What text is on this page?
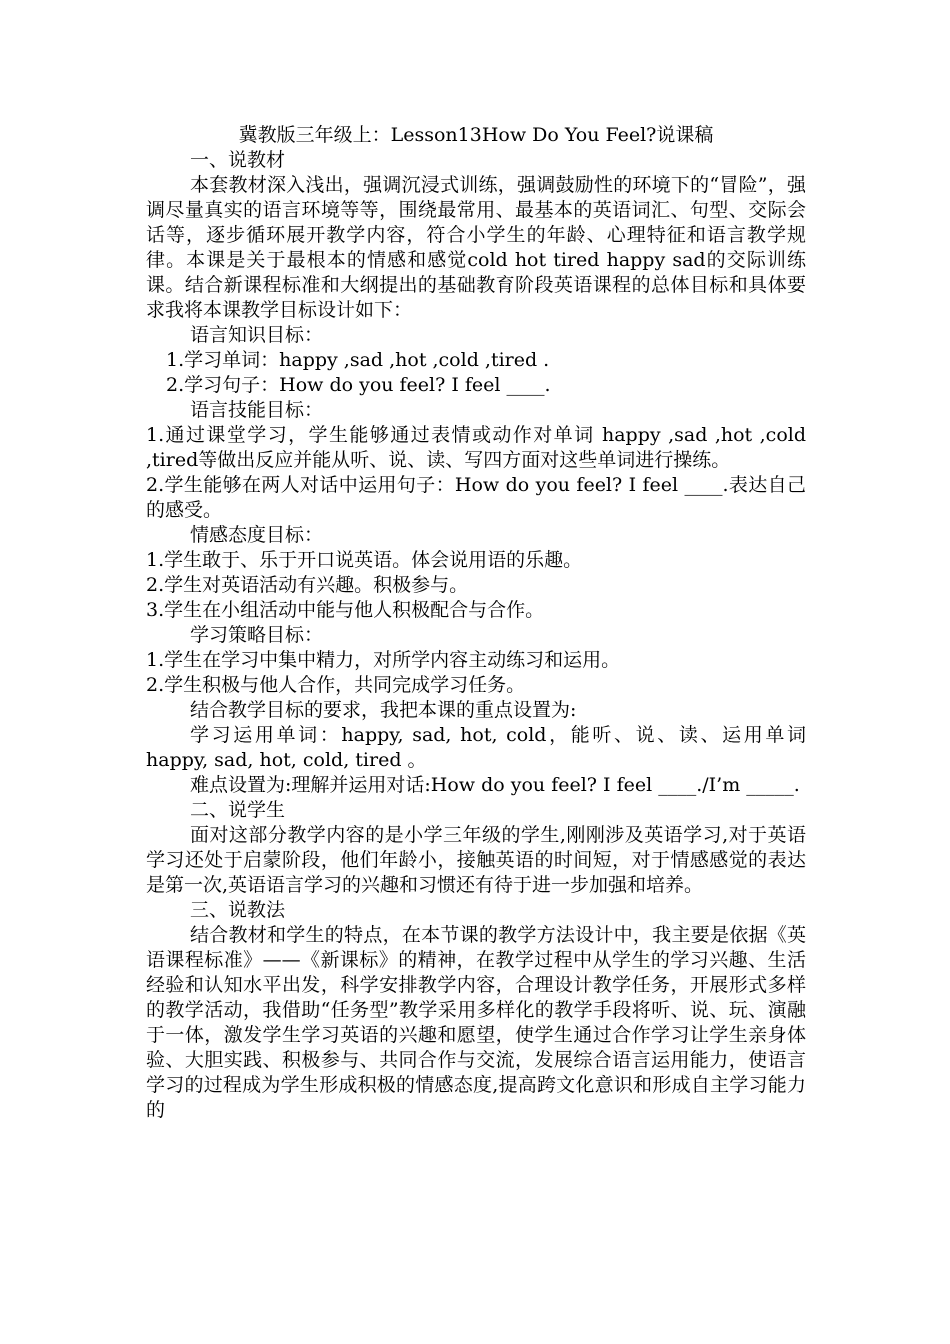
冀教版三年级上：Lesson13How Do You Feel?说课稿

一、说教材

本套教材深入浅出，强调沉浸式训练，强调鼓励性的环境下的“冒险”，强调尽量真实的语言环境等等，围绕最常用、最基本的英语词汇、句型、交际会话等，逐步循环展开教学内容，符合小学生的年龄、心理特征和语言教学规律。本课是关于最根本的情感和感觉cold hot tired happy sad的交际训练课。结合新课程标准和大纲提出的基础教育阶段英语课程的总体目标和具体要求我将本课教学目标设计如下：

语言知识目标：

1.学习单词：happy ,sad ,hot ,cold ,tired .

2.学习句子：How do you feel? I feel ____.

语言技能目标：

1.通过课堂学习，学生能够通过表情或动作对单词 happy ,sad ,hot ,cold ,tired等做出反应并能从听、说、读、写四方面对这些单词进行操练。

2.学生能够在两人对话中运用句子：How do you feel? I feel ____.表达自己的感受。

情感态度目标：

1.学生敢于、乐于开口说英语。体会说用语的乐趣。

2.学生对英语活动有兴趣。积极参与。

3.学生在小组活动中能与他人积极配合与合作。

学习策略目标：

1.学生在学习中集中精力，对所学内容主动练习和运用。

2.学生积极与他人合作，共同完成学习任务。

结合教学目标的要求，我把本课的重点设置为:

学习运用单词：happy, sad, hot, cold，能听、说、读、运用单词happy, sad, hot, cold, tired 。

难点设置为:理解并运用对话:How do you feel? I feel ____./I’m _____.

二、说学生

面对这部分教学内容的是小学三年级的学生,刚刚涉及英语学习,对于英语学习还处于启蒙阶段，他们年龄小，接触英语的时间短，对于情感感觉的表达是第一次,英语语言学习的兴趣和习惯还有待于进一步加强和培养。

三、说教法

结合教材和学生的特点，在本节课的教学方法设计中，我主要是依据《英语课程标准》——《新课标》的精神，在教学过程中从学生的学习兴趣、生活经验和认知水平出发，科学安排教学内容，合理设计教学任务，开展形式多样的教学活动，我借助“任务型”教学采用多样化的教学手段将听、说、玩、演融于一体，激发学生学习英语的兴趣和愿望，使学生通过合作学习让学生亲身体验、大胆实践、积极参与、共同合作与交流，发展综合语言运用能力，使语言学习的过程成为学生形成积极的情感态度,提高跨文化意识和形成自主学习能力的
